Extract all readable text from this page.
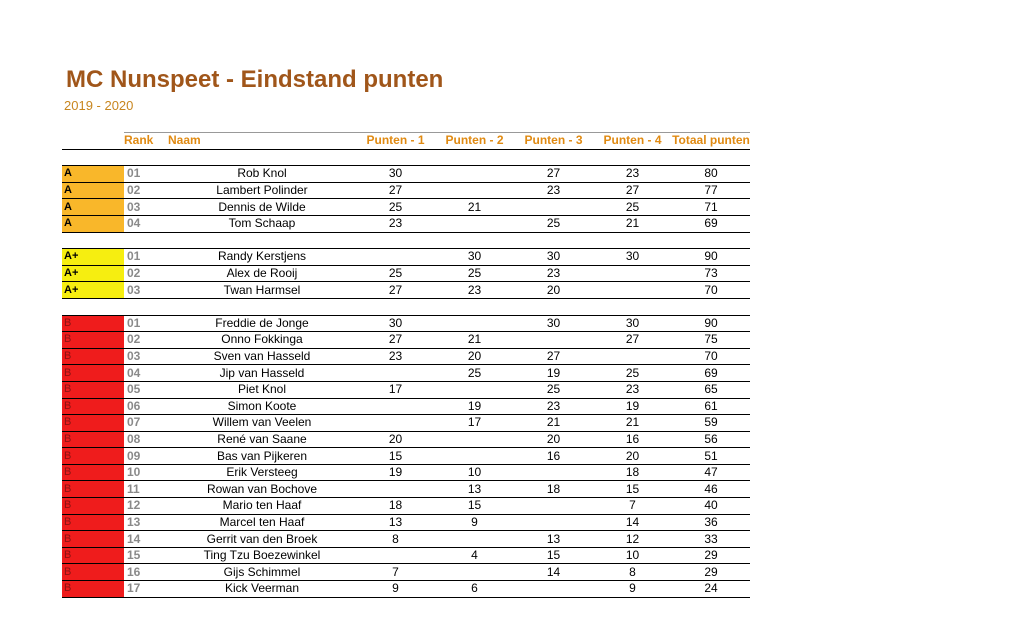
MC Nunspeet - Eindstand punten
2019 - 2020
	Rank	Naam	Punten - 1	Punten - 2	Punten - 3	Punten - 4	Totaal punten

A	01	Rob Knol	30		27	23	80
A	02	Lambert Polinder	27		23	27	77
A	03	Dennis de Wilde	25	21		25	71
A	04	Tom Schaap	23		25	21	69

A+	01	Randy Kerstjens		30	30	30	90
A+	02	Alex de Rooij	25	25	23		73
A+	03	Twan Harmsel	27	23	20		70

B	01	Freddie de Jonge	30		30	30	90
B	02	Onno Fokkinga	27	21		27	75
B	03	Sven van Hasseld	23	20	27		70
B	04	Jip van Hasseld		25	19	25	69
B	05	Piet Knol	17		25	23	65
B	06	Simon Koote		19	23	19	61
B	07	Willem van Veelen		17	21	21	59
B	08	René van Saane	20		20	16	56
B	09	Bas van Pijkeren	15		16	20	51
B	10	Erik Versteeg	19	10		18	47
B	11	Rowan van Bochove		13	18	15	46
B	12	Mario ten Haaf	18	15		7	40
B	13	Marcel ten Haaf	13	9		14	36
B	14	Gerrit van den Broek	8		13	12	33
B	15	Ting Tzu Boezewinkel		4	15	10	29
B	16	Gijs Schimmel	7		14	8	29
B	17	Kick Veerman	9	6		9	24
